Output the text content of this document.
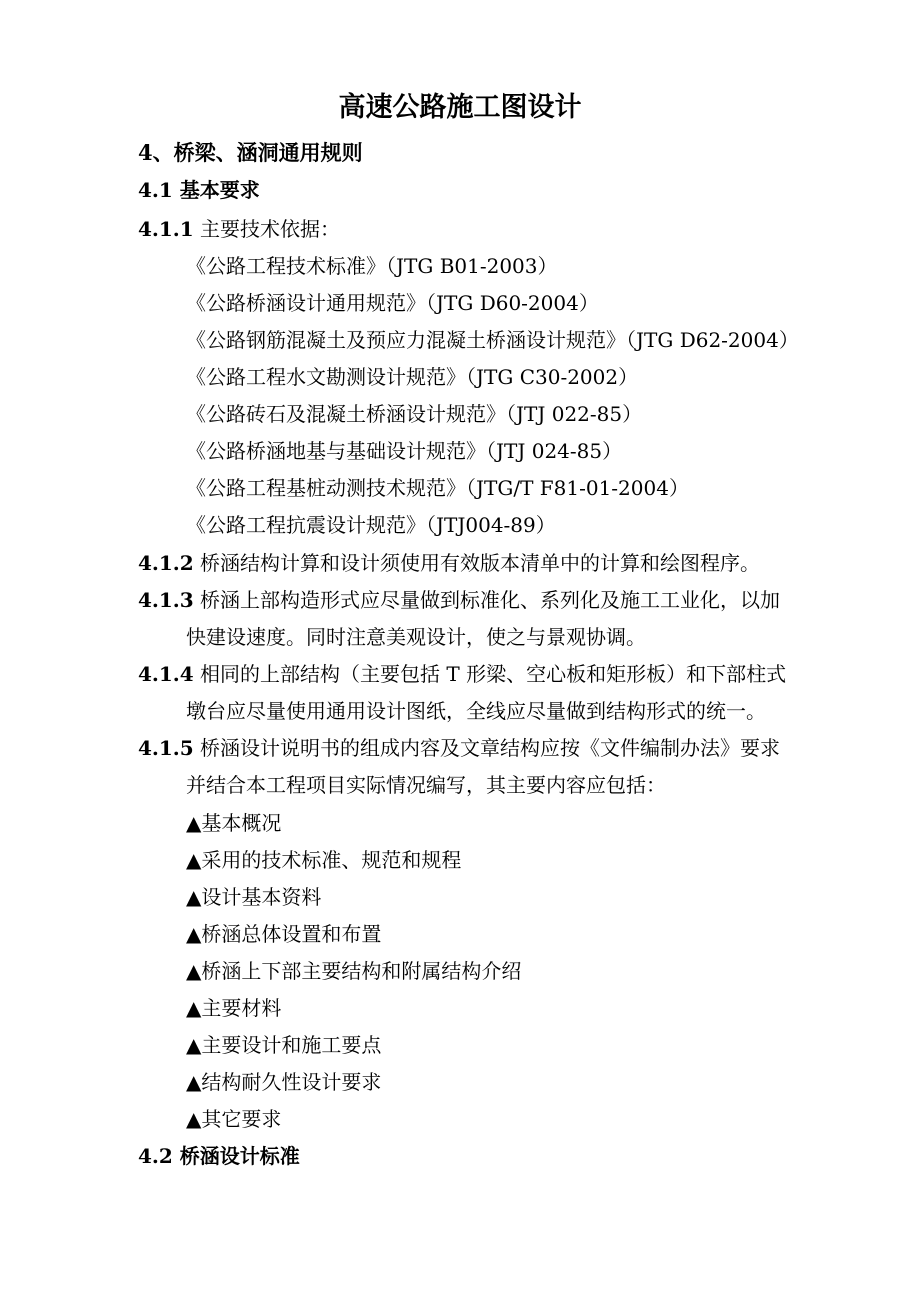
高速公路施工图设计
4、桥梁、涵洞通用规则
4.1 基本要求
4.1.1 主要技术依据：
《公路工程技术标准》（JTG B01-2003）
《公路桥涵设计通用规范》（JTG D60-2004）
《公路钢筋混凝土及预应力混凝土桥涵设计规范》（JTG D62-2004）
《公路工程水文勘测设计规范》（JTG C30-2002）
《公路砖石及混凝土桥涵设计规范》（JTJ 022-85）
《公路桥涵地基与基础设计规范》（JTJ 024-85）
《公路工程基桩动测技术规范》（JTG/T F81-01-2004）
《公路工程抗震设计规范》（JTJ004-89）
4.1.2 桥涵结构计算和设计须使用有效版本清单中的计算和绘图程序。
4.1.3 桥涵上部构造形式应尽量做到标准化、系列化及施工工业化，以加
快建设速度。同时注意美观设计，使之与景观协调。
4.1.4 相同的上部结构（主要包括 T 形梁、空心板和矩形板）和下部柱式
墩台应尽量使用通用设计图纸，全线应尽量做到结构形式的统一。
4.1.5 桥涵设计说明书的组成内容及文章结构应按《文件编制办法》要求
并结合本工程项目实际情况编写，其主要内容应包括：
▲基本概况
▲采用的技术标准、规范和规程
▲设计基本资料
▲桥涵总体设置和布置
▲桥涵上下部主要结构和附属结构介绍
▲主要材料
▲主要设计和施工要点
▲结构耐久性设计要求
▲其它要求
4.2 桥涵设计标准
